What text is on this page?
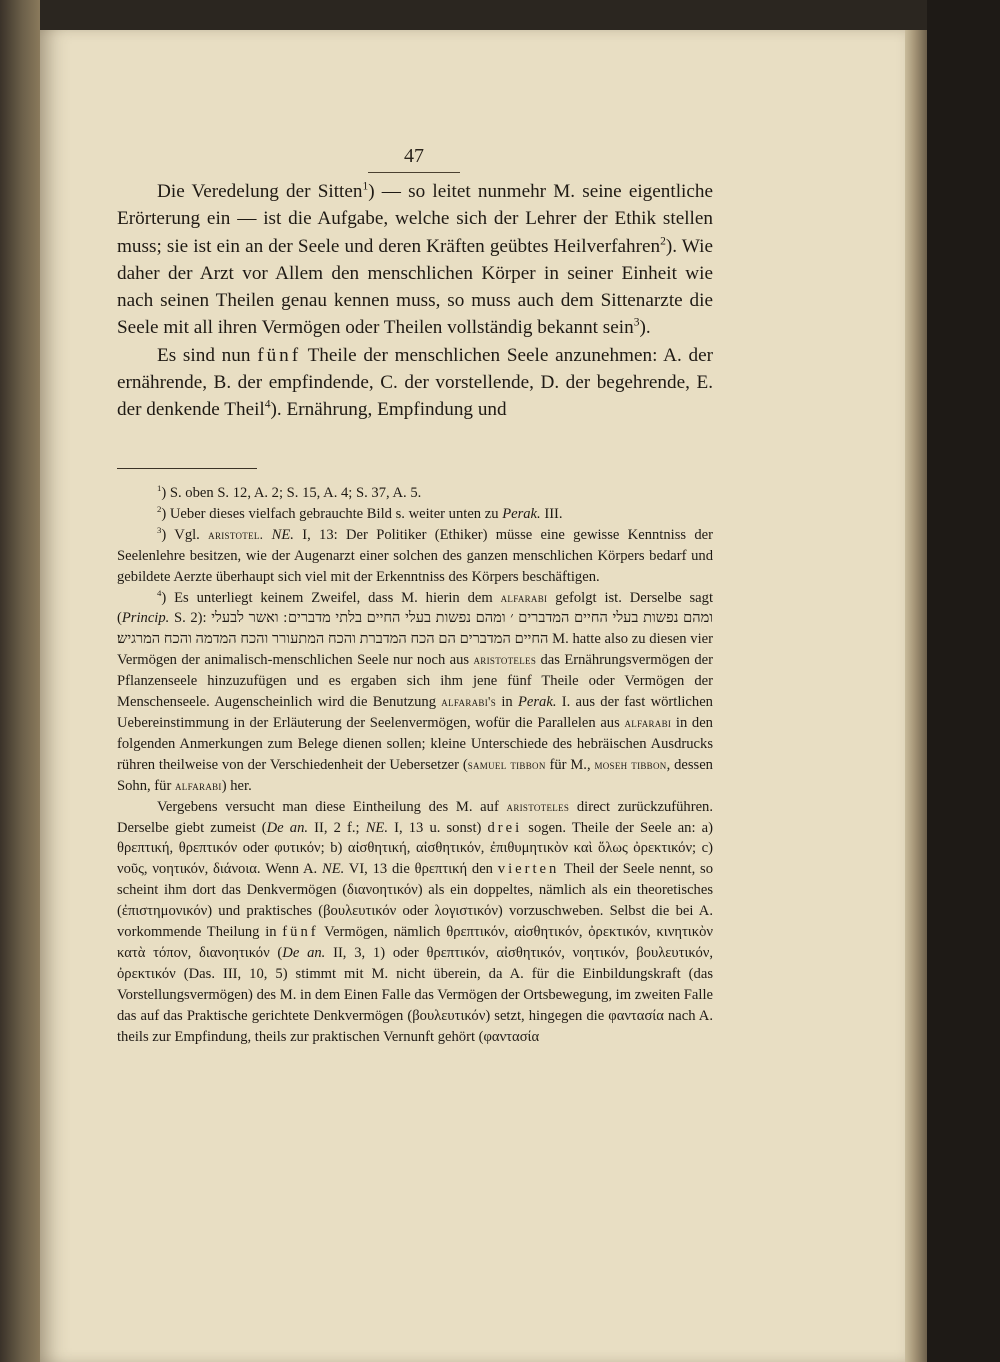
47

Die Veredelung der Sitten$^1$) — so leitet nunmehr M. seine eigentliche Erörterung ein — ist die Aufgabe, welche sich der Lehrer der Ethik stellen muss; sie ist ein an der Seele und deren Kräften geübtes Heilverfahren$^2$). Wie daher der Arzt vor Allem den menschlichen Körper in seiner Einheit wie nach seinen Theilen genau kennen muss, so muss auch dem Sittenarzte die Seele mit all ihren Vermögen oder Theilen vollständig bekannt sein$^3$).

Es sind nun fünf Theile der menschlichen Seele anzunehmen: A. der ernährende, B. der empfindende, C. der vorstellende, D. der begehrende, E. der denkende Theil$^4$). Ernährung, Empfindung und

$^1$) S. oben S. 12, A. 2; S. 15, A. 4; S. 37, A. 5.

$^2$) Ueber dieses vielfach gebrauchte Bild s. weiter unten zu Perak. III.

$^3$) Vgl. aristotel. NE. I, 13: Der Politiker (Ethiker) müsse eine gewisse Kenntniss der Seelenlehre besitzen, wie der Augenarzt einer solchen des ganzen menschlichen Körpers bedarf und gebildete Aerzte überhaupt sich viel mit der Erkenntniss des Körpers beschäftigen.

$^4$) Es unterliegt keinem Zweifel, dass M. hierin dem alfarabi gefolgt ist. Derselbe sagt (Princip. S. 2): ומהם נפשות בעלי החיים המדברים ׳ ומהם נפשות בעלי החיים בלתי מדברים ׃ ואשר לבעלי החיים המדברים הם הכח המדברת והכח המתעורר והכח המדמה והכח המרגיש׃ M. hatte also zu diesen vier Vermögen der animalisch-menschlichen Seele nur noch aus aristoteles das Ernährungsvermögen der Pflanzenseele hinzuzufügen und es ergaben sich ihm jene fünf Theile oder Vermögen der Menschenseele. Augenscheinlich wird die Benutzung alfarabi's in Perak. I. aus der fast wörtlichen Uebereinstimmung in der Erläuterung der Seelenvermögen, wofür die Parallelen aus alfarabi in den folgenden Anmerkungen zum Belege dienen sollen; kleine Unterschiede des hebräischen Ausdrucks rühren theilweise von der Verschiedenheit der Uebersetzer (samuel tibbon für M., moseh tibbon, dessen Sohn, für alfarabi) her.

Vergebens versucht man diese Eintheilung des M. auf aristoteles direct zurückzuführen. Derselbe giebt zumeist (De an. II, 2 f.; NE. I, 13 u. sonst) drei sogen. Theile der Seele an: a) θρεπτική, θρεπτικόν oder φυτικόν; b) αἰσθητική, αἰσθητικόν, ἐπιθυμητικὸν καὶ ὅλως ὀρεκτικόν; c) νοῦς, νοητικόν, διάνοια. Wenn A. NE. VI, 13 die θρεπτική den vierten Theil der Seele nennt, so scheint ihm dort das Denkvermögen (διανοητικόν) als ein doppeltes, nämlich als ein theoretisches (ἐπιστημονικόν) und praktisches (βουλευτικόν oder λογιστικόν) vorzuschweben. Selbst die bei A. vorkommende Theilung in fünf Vermögen, nämlich θρεπτικόν, αἰσθητικόν, ὀρεκτικόν, κινητικὸν κατὰ τόπον, διανοητικόν (De an. II, 3, 1) oder θρεπτικόν, αἰσθητικόν, νοητικόν, βουλευτικόν, ὀρεκτικόν (Das. III, 10, 5) stimmt mit M. nicht überein, da A. für die Einbildungskraft (das Vorstellungsvermögen) des M. in dem Einen Falle das Vermögen der Ortsbewegung, im zweiten Falle das auf das Praktische gerichtete Denkvermögen (βουλευτικόν) setzt, hingegen die φαντασία nach A. theils zur Empfindung, theils zur praktischen Vernunft gehört (φαντασία
